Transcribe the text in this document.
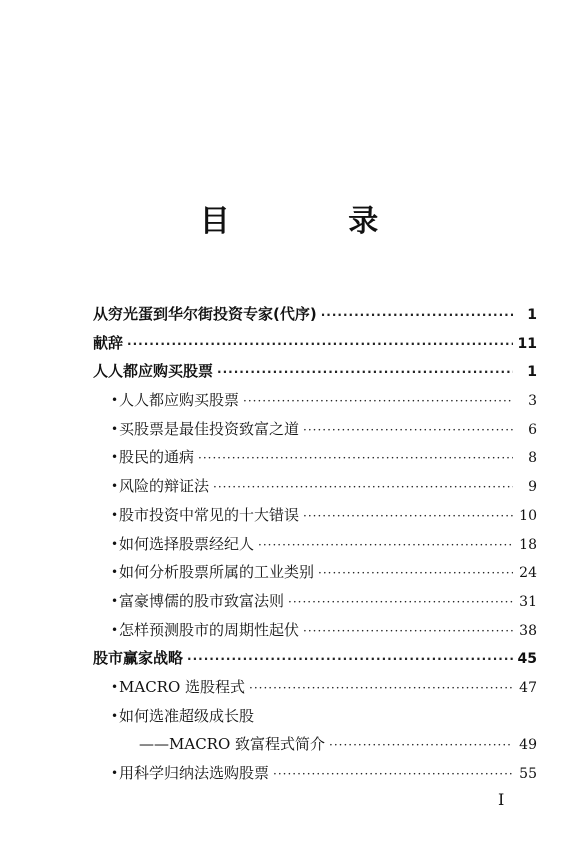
目 录
从穷光蛋到华尔街投资专家(代序) ·····	1
献辞 ·····	11
人人都应购买股票 ·····	1
• 人人都应购买股票 ·····	3
• 买股票是最佳投资致富之道 ·····	6
• 股民的通病 ·····	8
• 风险的辩证法 ·····	9
• 股市投资中常见的十大错误 ·····	10
• 如何选择股票经纪人 ·····	18
• 如何分析股票所属的工业类别 ·····	24
• 富豪博儒的股市致富法则 ·····	31
• 怎样预测股市的周期性起伏 ·····	38
股市赢家战略 ·····	45
• MACRO 选股程式 ·····	47
• 如何选准超级成长股
——MACRO 致富程式简介 ·····	49
• 用科学归纳法选购股票 ·····	55
I
